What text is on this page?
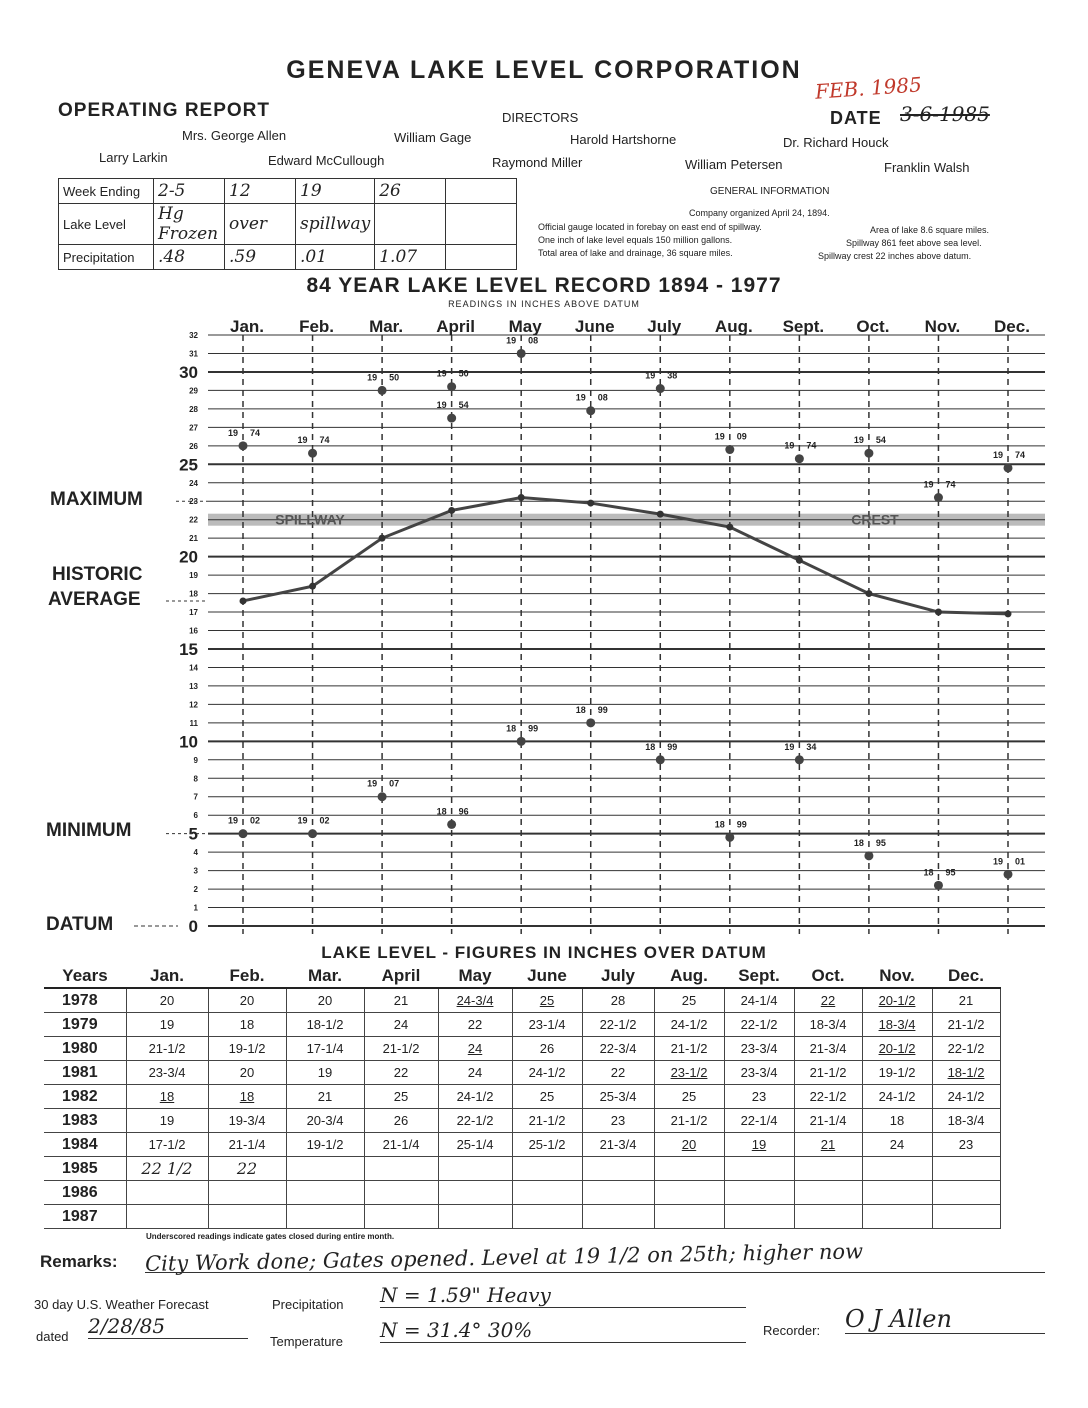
GENEVA LAKE LEVEL CORPORATION
OPERATING REPORT	DIRECTORS	DATE 3-6-1985
FEB. 1985
Mrs. George Allen	William Gage	Harold Hartshorne	Dr. Richard Houck
Larry Larkin	Edward McCullough	Raymond Miller	William Petersen	Franklin Walsh
Week Ending	2-5	12	19	26	
Lake Level	Hg Frozen	over	spillway		
Precipitation	.48	.59	.01	1.07	
GENERAL INFORMATION
Company organized April 24, 1894.
Official gauge located in forebay on east end of spillway.	Area of lake 8.6 square miles.
One inch of lake level equals 150 million gallons.	Spillway 861 feet above sea level.
Total area of lake and drainage, 36 square miles.	Spillway crest 22 inches above datum.
84 YEAR LAKE LEVEL RECORD 1894 - 1977
READINGS IN INCHES ABOVE DATUM
0
1
2
3
4
5
6
7
8
9
10
11
12
13
14
15
16
17
18
19
20
21
22
23
24
25
26
27
28
29
30
31
32 Jan. Feb. Mar. April May June July Aug. Sept. Oct. Nov. Dec.
SPILLWAY	CREST
19 74
19 74
19 50
19 54
19 08
19 08
19 38
19 09
19 74
19 54
19 74
19 74
19 02	19 02
19 07
18 96
18 99
18 99
18 99
18 99
19 34
18 95
18 95
19 01
19 50
MAXIMUM
HISTORIC
AVERAGE
MINIMUM
DATUM
LAKE LEVEL - FIGURES IN INCHES OVER DATUM
Years	Jan.	Feb.	Mar.	April	May	June	July	Aug.	Sept.	Oct.	Nov.	Dec.
1978	20	20	20	21	24-3/4	25	28	25	24-1/4	22	20-1/2	21
1979	19	18	18-1/2	24	22	23-1/4	22-1/2	24-1/2	22-1/2	18-3/4	18-3/4	21-1/2
1980	21-1/2	19-1/2	17-1/4	21-1/2	24	26	22-3/4	21-1/2	23-3/4	21-3/4	20-1/2	22-1/2
1981	23-3/4	20	19	22	24	24-1/2	22	23-1/2	23-3/4	21-1/2	19-1/2	18-1/2
1982	18	18	21	25	24-1/2	25	25-3/4	25	23	22-1/2	24-1/2	24-1/2
1983	19	19-3/4	20-3/4	26	22-1/2	21-1/2	23	21-1/2	22-1/4	21-1/4	18	18-3/4
1984	17-1/2	21-1/4	19-1/2	21-1/4	25-1/4	25-1/2	21-3/4	20	19	21	24	23
1985	22 1/2	22										
1986												
1987												
Underscored readings indicate gates closed during entire month.
Remarks: City Work done; Gates opened. Level at 19 1/2 on 25th; higher now
30 day U.S. Weather Forecast
dated 2/28/85
Precipitation N = 1.59" Heavy
Temperature N = 31.4° 30%	Recorder: O J Allen
